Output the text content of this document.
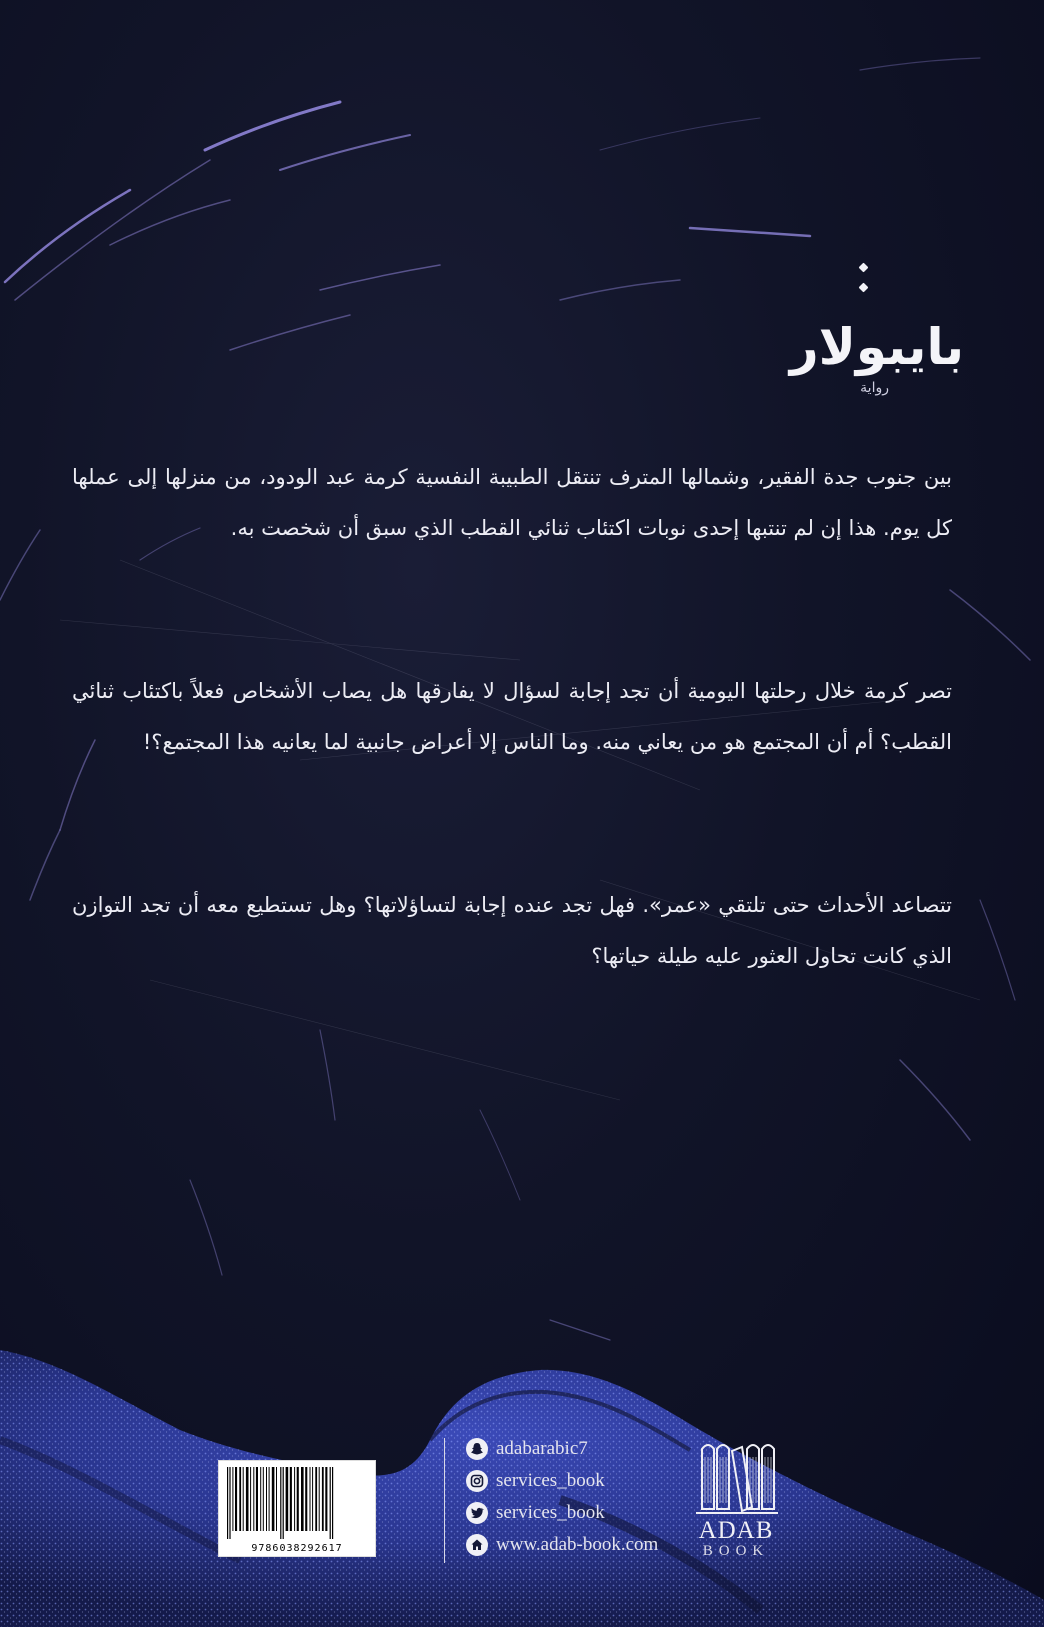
بايبولار

رواية

بين جنوب جدة الفقير، وشمالها المترف تنتقل الطبيبة النفسية كرمة عبد الودود، من منزلها إلى عملها كل يوم. هذا إن لم تنتبها إحدى نوبات اكتئاب ثنائي القطب الذي سبق أن شخصت به.

تصر كرمة خلال رحلتها اليومية أن تجد إجابة لسؤال لا يفارقها هل يصاب الأشخاص فعلاً باكتئاب ثنائي القطب؟ أم أن المجتمع هو من يعاني منه. وما الناس إلا أعراض جانبية لما يعانيه هذا المجتمع؟!

تتصاعد الأحداث حتى تلتقي «عمر». فهل تجد عنده إجابة لتساؤلاتها؟ وهل تستطيع معه أن تجد التوازن الذي كانت تحاول العثور عليه طيلة حياتها؟

9786038292617
adabarabic7
services_book
services_book
www.adab-book.com
ADAB
BOOK
